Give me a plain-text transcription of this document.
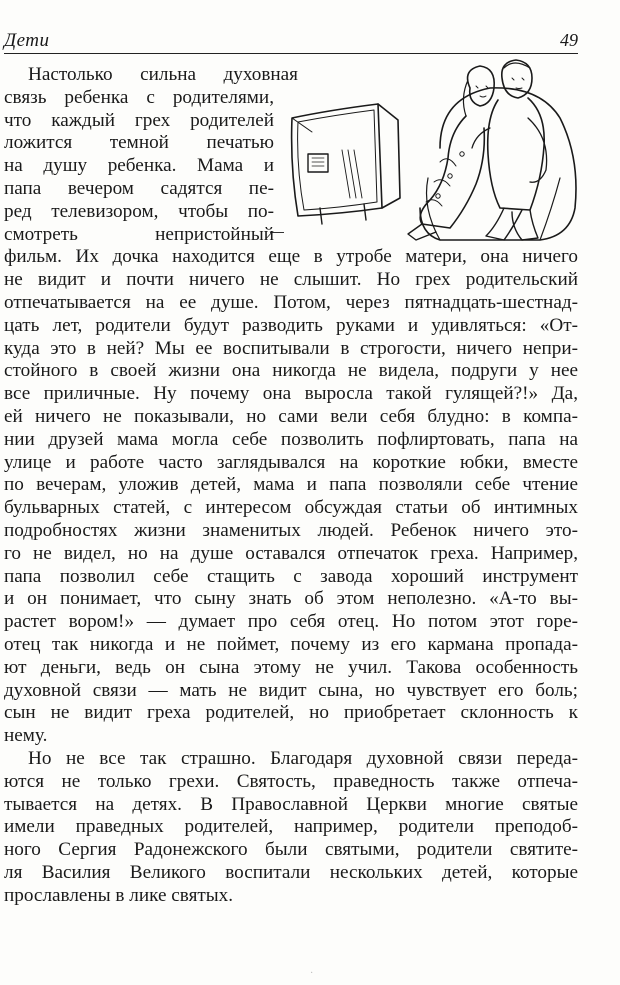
Дети	49
Настолько сильна духовная
связь ребенка с родителями,
что каждый грех родителей
ложится темной печатью
на душу ребенка. Мама и
папа вечером садятся пе-
ред телевизором, чтобы по-
смотреть непристойный
фильм. Их дочка находится еще в утробе матери, она ничего
не видит и почти ничего не слышит. Но грех родительский
отпечатывается на ее душе. Потом, через пятнадцать-шестнад-
цать лет, родители будут разводить руками и удивляться: «От-
куда это в ней? Мы ее воспитывали в строгости, ничего непри-
стойного в своей жизни она никогда не видела, подруги у нее
все приличные. Ну почему она выросла такой гулящей?!» Да,
ей ничего не показывали, но сами вели себя блудно: в компа-
нии друзей мама могла себе позволить пофлиртовать, папа на
улице и работе часто заглядывался на короткие юбки, вместе
по вечерам, уложив детей, мама и папа позволяли себе чтение
бульварных статей, с интересом обсуждая статьи об интимных
подробностях жизни знаменитых людей. Ребенок ничего это-
го не видел, но на душе оставался отпечаток греха. Например,
папа позволил себе стащить с завода хороший инструмент
и он понимает, что сыну знать об этом неполезно. «А-то вы-
растет вором!» — думает про себя отец. Но потом этот горе-
отец так никогда и не поймет, почему из его кармана пропада-
ют деньги, ведь он сына этому не учил. Такова особенность
духовной связи — мать не видит сына, но чувствует его боль;
сын не видит греха родителей, но приобретает склонность к
нему.
Но не все так страшно. Благодаря духовной связи переда-
ются не только грехи. Святость, праведность также отпеча-
тывается на детях. В Православной Церкви многие святые
имели праведных родителей, например, родители преподоб-
ного Сергия Радонежского были святыми, родители святите-
ля Василия Великого воспитали нескольких детей, которые
прославлены в лике святых.
·
